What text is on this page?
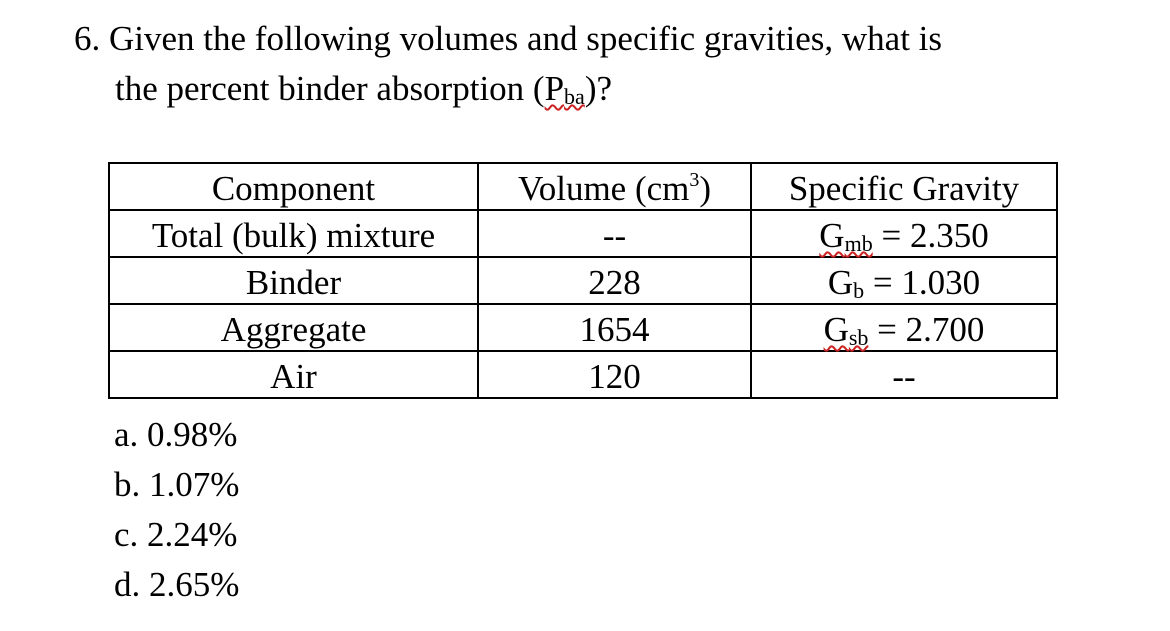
6. Given the following volumes and specific gravities, what is
the percent binder absorption (Pba)?
Component	Volume $(cm^3)$	Specific Gravity
Total (bulk) mixture	--	Gmb = 2.350
Binder	228	Gb = 1.030
Aggregate	1654	Gsb = 2.700
Air	120	--
a. 0.98%
b. 1.07%
c. 2.24%
d. 2.65%
